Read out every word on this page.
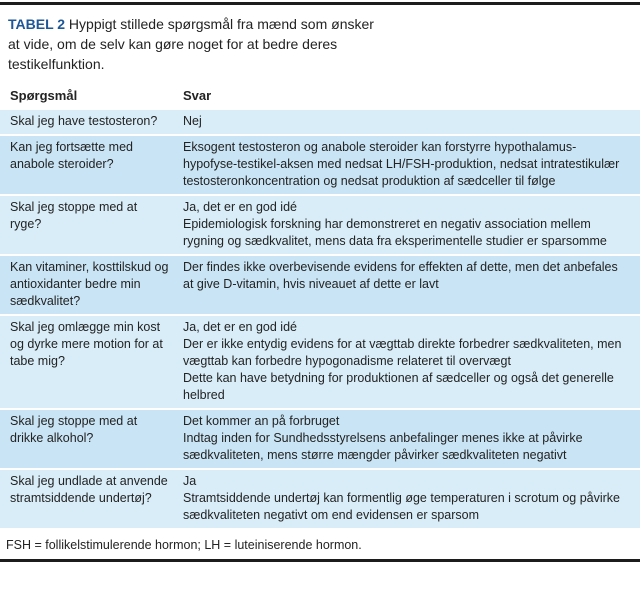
TABEL 2 Hyppigt stillede spørgsmål fra mænd som ønsker at vide, om de selv kan gøre noget for at bedre deres testikelfunktion.
Spørgsmål	Svar
Skal jeg have testosteron?	Nej

Kan jeg fortsætte med anabole steroider?

Eksogent testosteron og anabole steroider kan forstyrre hypothalamus-hypofyse-testikel-aksen med nedsat LH/FSH-produktion, nedsat intratestikulær testosteronkoncentration og nedsat produktion af sædceller til følge

Skal jeg stoppe med at ryge?

Ja, det er en god idé

Epidemiologisk forskning har demonstreret en negativ association mellem rygning og sædkvalitet, mens data fra eksperimentelle studier er sparsomme

Kan vitaminer, kosttilskud og antioxidanter bedre min sædkvalitet?

Der findes ikke overbevisende evidens for effekten af dette, men det anbefales at give D-vitamin, hvis niveauet af dette er lavt

Skal jeg omlægge min kost og dyrke mere motion for at tabe mig?

Ja, det er en god idé

Der er ikke entydig evidens for at vægttab direkte forbedrer sædkvaliteten, men vægttab kan forbedre hypogonadisme relateret til overvægt

Dette kan have betydning for produktionen af sædceller og også det generelle helbred

Skal jeg stoppe med at drikke alkohol?

Det kommer an på forbruget

Indtag inden for Sundhedsstyrelsens anbefalinger menes ikke at påvirke sædkvaliteten, mens større mængder påvirker sædkvaliteten negativt

Skal jeg undlade at anvende stramtsiddende undertøj?

Ja

Stramtsiddende undertøj kan formentlig øge temperaturen i scrotum og påvirke sædkvaliteten negativt om end evidensen er sparsom

FSH = follikelstimulerende hormon; LH = luteiniserende hormon.
